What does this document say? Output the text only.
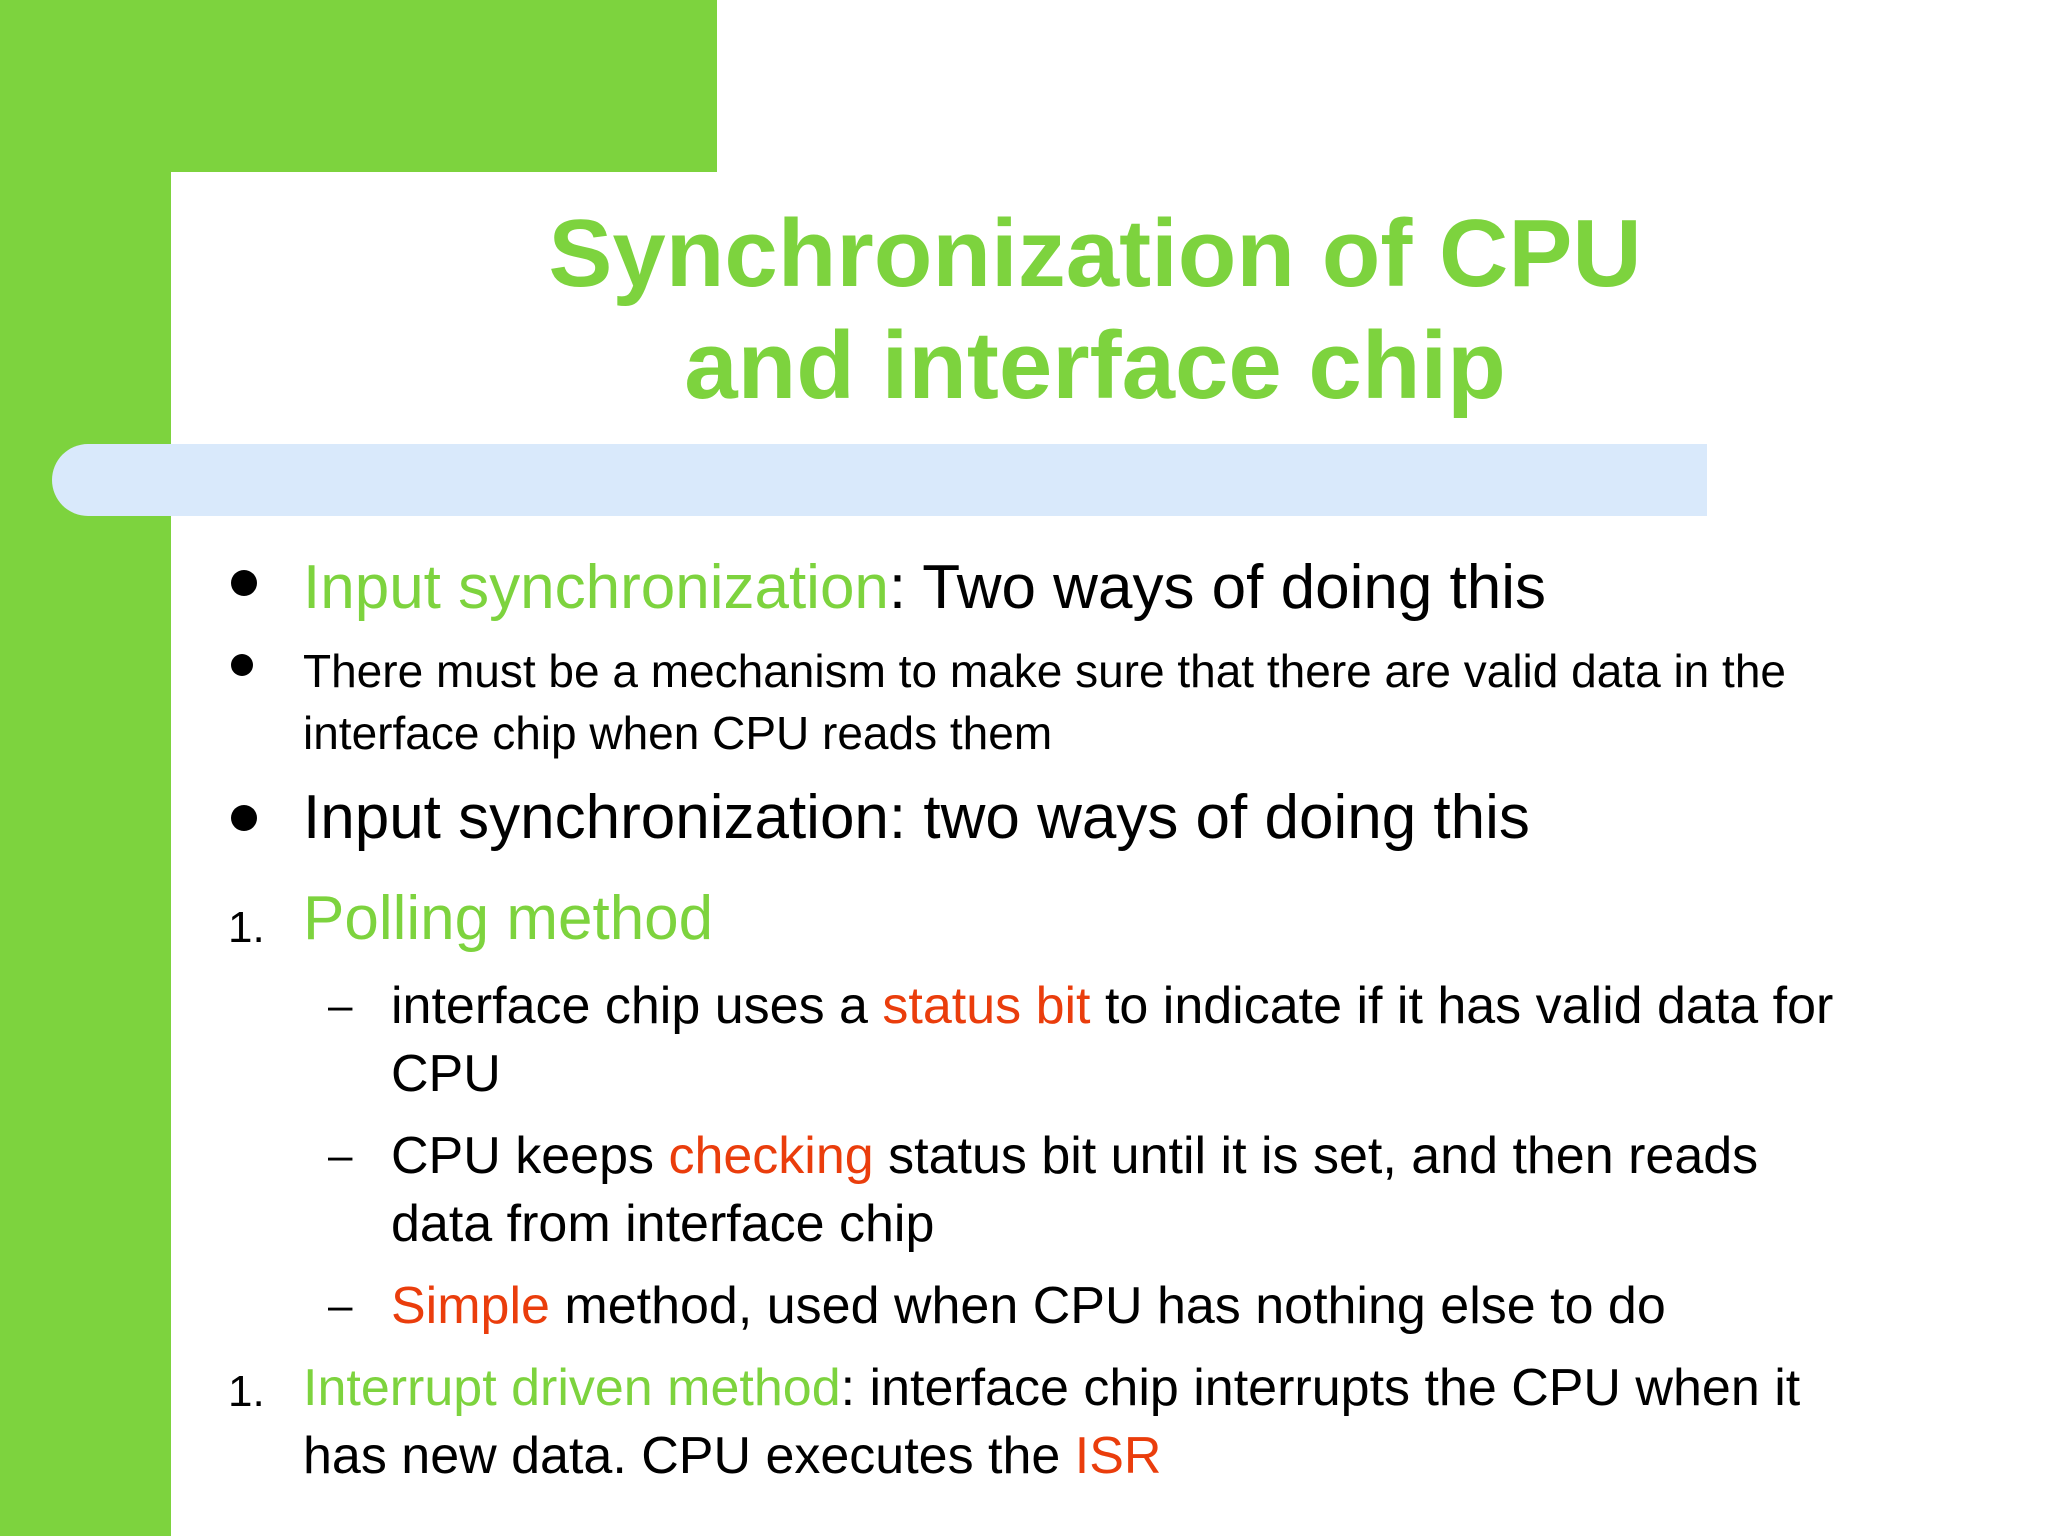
Synchronization of CPU
and interface chip
Input synchronization: Two ways of doing this
There must be a mechanism to make sure that there are valid data in the
interface chip when CPU reads them
Input synchronization: two ways of doing this
1. Polling method
– interface chip uses a status bit to indicate if it has valid data for
CPU
– CPU keeps checking status bit until it is set, and then reads
data from interface chip
– Simple method, used when CPU has nothing else to do
1. Interrupt driven method: interface chip interrupts the CPU when it
has new data. CPU executes the ISR
